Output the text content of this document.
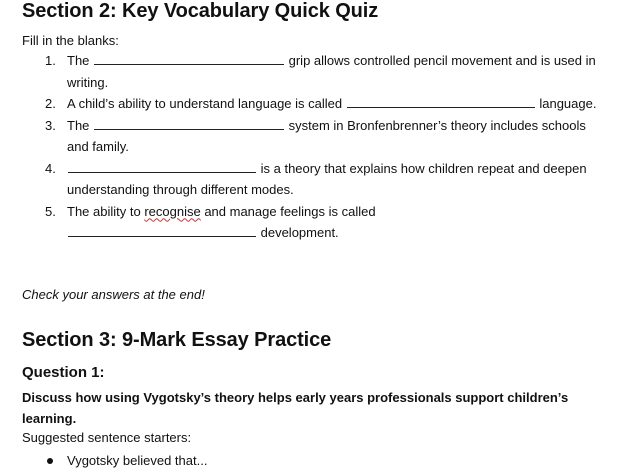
Section 2: Key Vocabulary Quick Quiz
Fill in the blanks:
1. The	grip allows controlled pencil movement and is used in writing.
2. A child’s ability to understand language is called	language.
3. The	system in Bronfenbrenner’s theory includes schools and family.
4.	is a theory that explains how children repeat and deepen understanding through different modes.
5. The ability to recognise and manage feelings is called
development.
Check your answers at the end!
Section 3: 9-Mark Essay Practice
Question 1:
Discuss how using Vygotsky’s theory helps early years professionals support children’s learning.
Suggested sentence starters:
Vygotsky believed that...
